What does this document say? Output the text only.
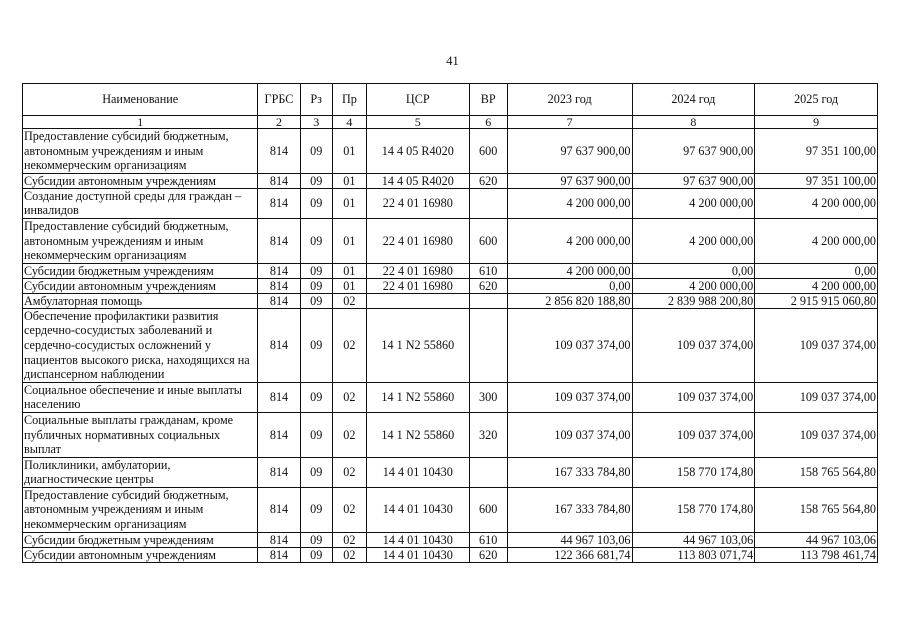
41
Наименование	ГРБС	Рз	Пр	ЦСР	ВР	2023 год	2024 год	2025 год
1	2	3	4	5	6	7	8	9
Предоставление субсидий бюджетным, автономным учреждениям и иным некоммерческим организациям	814	09	01	14 4 05 R4020	600	97 637 900,00	97 637 900,00	97 351 100,00
Субсидии автономным учреждениям	814	09	01	14 4 05 R4020	620	97 637 900,00	97 637 900,00	97 351 100,00
Создание доступной среды для граждан – инвалидов	814	09	01	22 4 01 16980		4 200 000,00	4 200 000,00	4 200 000,00
Предоставление субсидий бюджетным, автономным учреждениям и иным некоммерческим организациям	814	09	01	22 4 01 16980	600	4 200 000,00	4 200 000,00	4 200 000,00
Субсидии бюджетным учреждениям	814	09	01	22 4 01 16980	610	4 200 000,00	0,00	0,00
Субсидии автономным учреждениям	814	09	01	22 4 01 16980	620	0,00	4 200 000,00	4 200 000,00
Амбулаторная помощь	814	09	02			2 856 820 188,80	2 839 988 200,80	2 915 915 060,80
Обеспечение профилактики развития сердечно-сосудистых заболеваний и сердечно-сосудистых осложнений у пациентов высокого риска, находящихся на диспансерном наблюдении	814	09	02	14 1 N2 55860		109 037 374,00	109 037 374,00	109 037 374,00
Социальное обеспечение и иные выплаты населению	814	09	02	14 1 N2 55860	300	109 037 374,00	109 037 374,00	109 037 374,00
Социальные выплаты гражданам, кроме публичных нормативных социальных выплат	814	09	02	14 1 N2 55860	320	109 037 374,00	109 037 374,00	109 037 374,00
Поликлиники, амбулатории, диагностические центры	814	09	02	14 4 01 10430		167 333 784,80	158 770 174,80	158 765 564,80
Предоставление субсидий бюджетным, автономным учреждениям и иным некоммерческим организациям	814	09	02	14 4 01 10430	600	167 333 784,80	158 770 174,80	158 765 564,80
Субсидии бюджетным учреждениям	814	09	02	14 4 01 10430	610	44 967 103,06	44 967 103,06	44 967 103,06
Субсидии автономным учреждениям	814	09	02	14 4 01 10430	620	122 366 681,74	113 803 071,74	113 798 461,74
